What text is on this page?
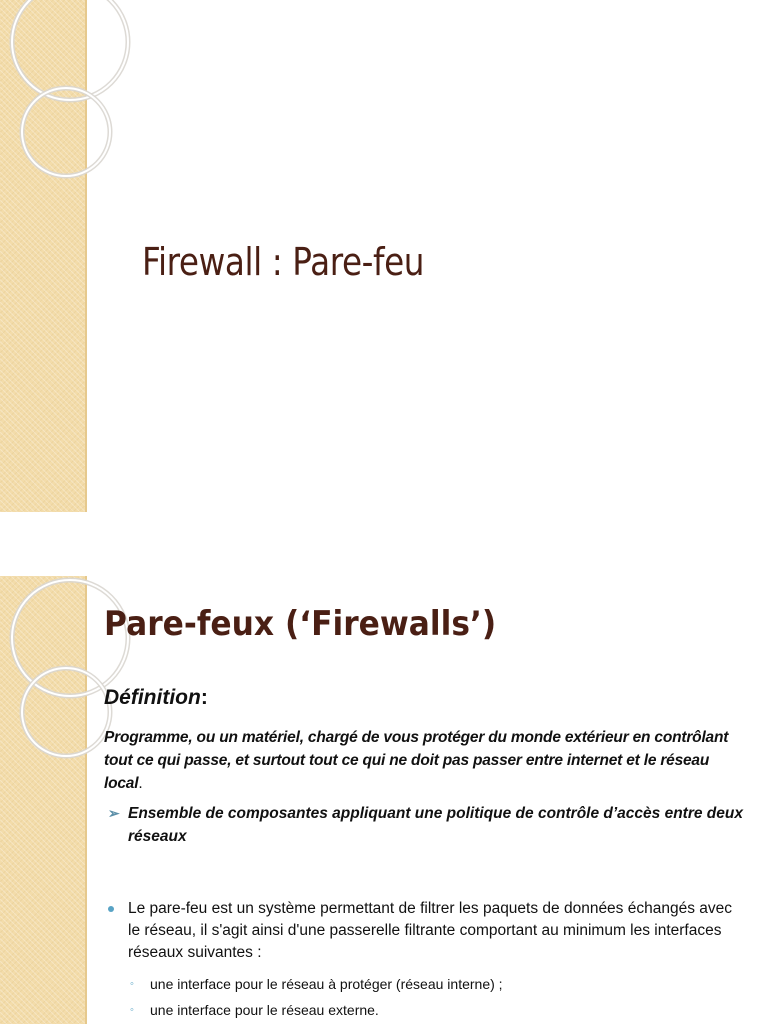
Firewall : Pare-feu
Pare-feux (‘Firewalls’)

Définition:

Programme, ou un matériel, chargé de vous protéger du monde extérieur en contrôlant tout ce qui passe, et surtout tout ce qui ne doit pas passer entre internet et le réseau local.

➢ Ensemble de composantes appliquant une politique de contrôle d’accès entre deux réseaux

Le pare-feu est un système permettant de filtrer les paquets de données échangés avec le réseau, il s'agit ainsi d'une passerelle filtrante comportant au minimum les interfaces réseaux suivantes :

◦ une interface pour le réseau à protéger (réseau interne) ;

◦ une interface pour le réseau externe.
